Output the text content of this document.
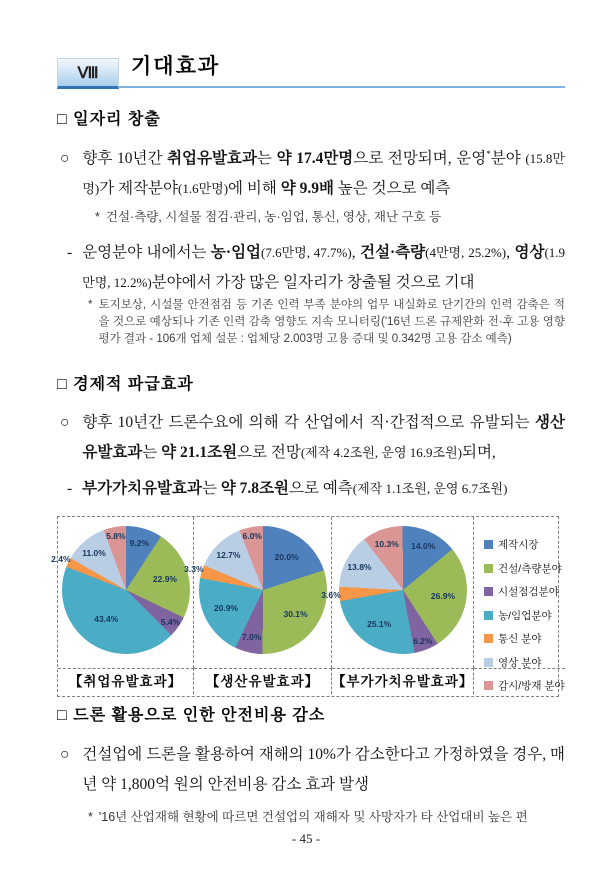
Ⅷ 기대효과
□ 일자리 창출
○ 향후 10년간 취업유발효과는 약 17.4만명으로 전망되며, 운영*분야 (15.8만명)가 제작분야(1.6만명)에 비해 약 9.9배 높은 것으로 예측
* 건설·측량, 시설물 점검·관리, 농·임업, 통신, 영상, 재난 구호 등
- 운영분야 내에서는 농·임업(7.6만명, 47.7%), 건설·측량(4만명, 25.2%), 영상(1.9만명, 12.2%)분야에서 가장 많은 일자리가 창출될 것으로 기대
* 토지보상, 시설물 안전점검 등 기존 인력 부족 분야의 업무 내실화로 단기간의 인력 감축은 적을 것으로 예상되나 기존 인력 감축 영향도 지속 모니터링('16년 드론 규제완화 전·후 고용 영향평가 결과 - 106개 업체 설문 : 업체당 2.003명 고용 증대 및 0.342명 고용 감소 예측)
□ 경제적 파급효과
○ 향후 10년간 드론수요에 의해 각 산업에서 직·간접적으로 유발되는 생산유발효과는 약 21.1조원으로 전망(제작 4.2조원, 운영 16.9조원)되며,
- 부가가치유발효과는 약 7.8조원으로 예측(제작 1.1조원, 운영 6.7조원)
9.2%
22.9%
5.4%
43.4%
2.4%
11.0%
5.8%
20.0%
30.1%
7.0%
20.9%
3.3%
12.7%
6.0%
14.0%
26.9%
6.2%
25.1%
3.6%
13.8%
10.3%	제작시장
건설/측량분야
시설점검분야
농/임업분야
통신 분야
영상 분야
감시/방재 분야
【취업유발효과】	【생산유발효과】 【부가가치유발효과】
□ 드론 활용으로 인한 안전비용 감소
○ 건설업에 드론을 활용하여 재해의 10%가 감소한다고 가정하였을 경우, 매년 약 1,800억 원의 안전비용 감소 효과 발생
* '16년 산업재해 현황에 따르면 건설업의 재해자 및 사망자가 타 산업대비 높은 편
- 45 -
